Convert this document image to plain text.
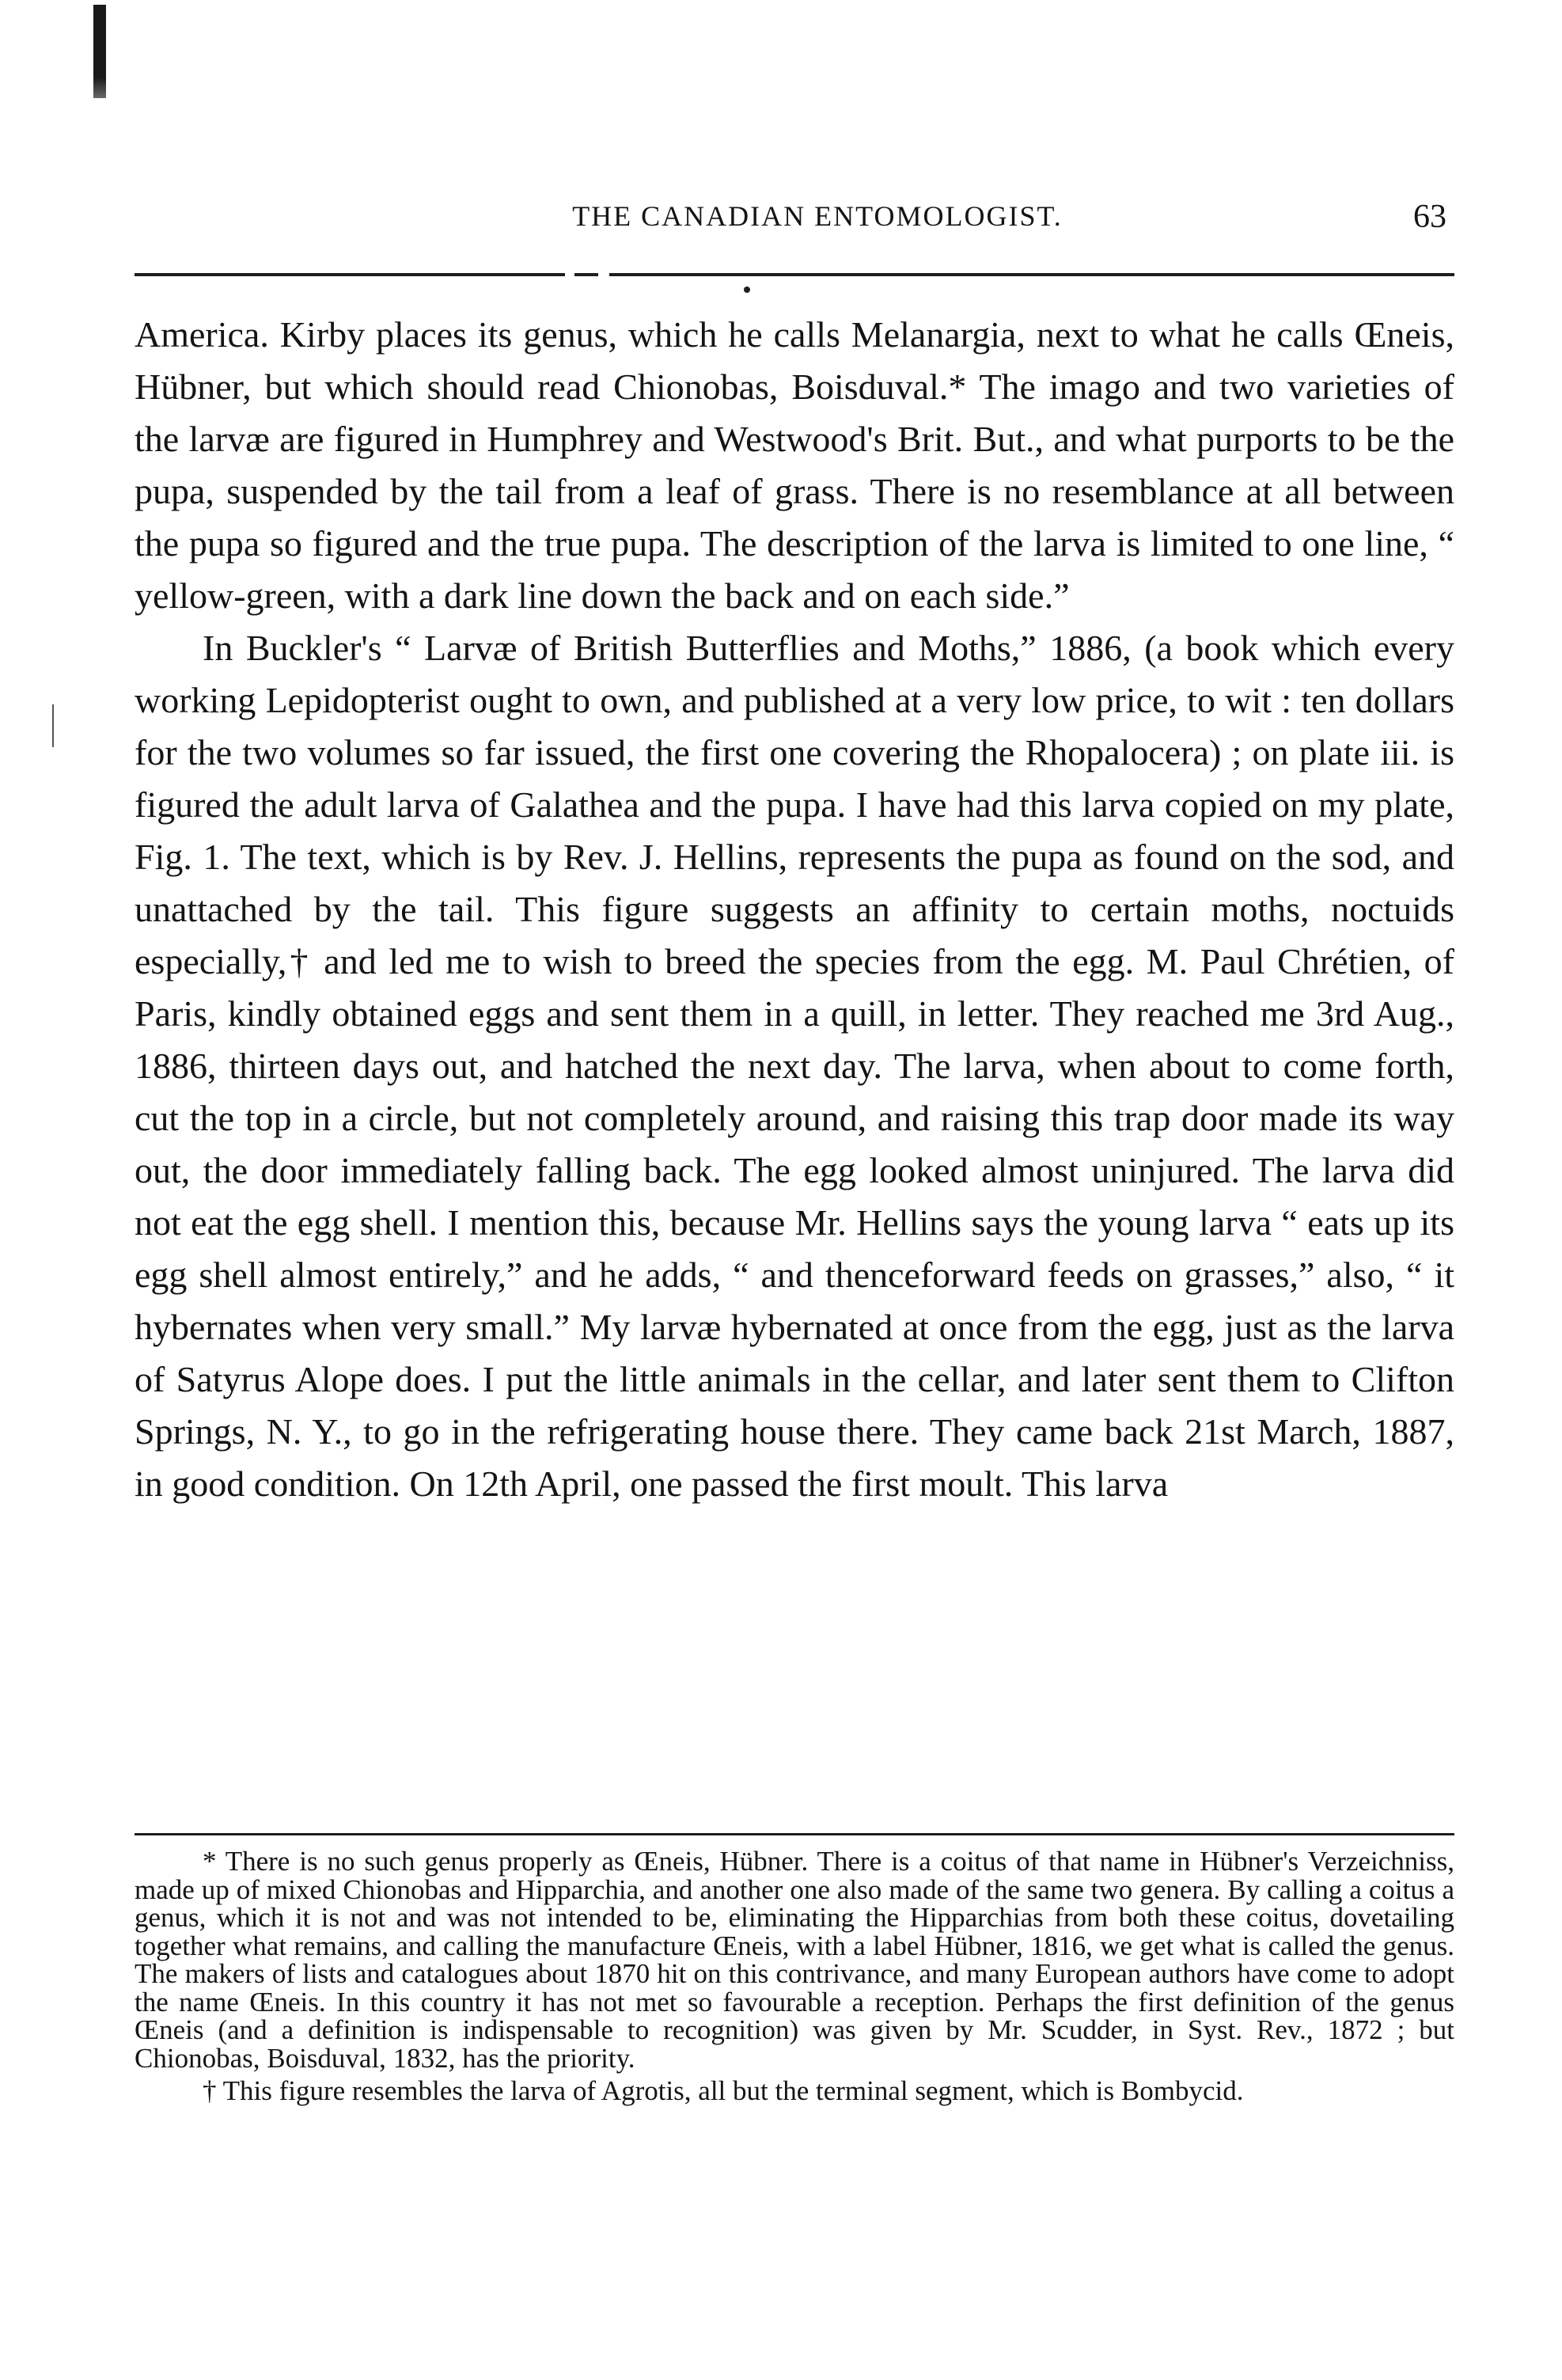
THE CANADIAN ENTOMOLOGIST.	63

America. Kirby places its genus, which he calls Melanargia, next to what he calls Œneis, Hübner, but which should read Chionobas, Boisduval.* The imago and two varieties of the larvæ are figured in Humphrey and Westwood's Brit. But., and what purports to be the pupa, suspended by the tail from a leaf of grass. There is no resemblance at all between the pupa so figured and the true pupa. The description of the larva is limited to one line, “ yellow-green, with a dark line down the back and on each side.”

In Buckler's “ Larvæ of British Butterflies and Moths,” 1886, (a book which every working Lepidopterist ought to own, and published at a very low price, to wit : ten dollars for the two volumes so far issued, the first one covering the Rhopalocera) ; on plate iii. is figured the adult larva of Galathea and the pupa. I have had this larva copied on my plate, Fig. 1. The text, which is by Rev. J. Hellins, represents the pupa as found on the sod, and unattached by the tail. This figure suggests an affinity to certain moths, noctuids especially,† and led me to wish to breed the species from the egg. M. Paul Chrétien, of Paris, kindly obtained eggs and sent them in a quill, in letter. They reached me 3rd Aug., 1886, thirteen days out, and hatched the next day. The larva, when about to come forth, cut the top in a circle, but not completely around, and raising this trap door made its way out, the door immediately falling back. The egg looked almost uninjured. The larva did not eat the egg shell. I mention this, because Mr. Hellins says the young larva “ eats up its egg shell almost entirely,” and he adds, “ and thenceforward feeds on grasses,” also, “ it hybernates when very small.” My larvæ hybernated at once from the egg, just as the larva of Satyrus Alope does. I put the little animals in the cellar, and later sent them to Clifton Springs, N. Y., to go in the refrigerating house there. They came back 21st March, 1887, in good condition. On 12th April, one passed the first moult. This larva

* There is no such genus properly as Œneis, Hübner. There is a coitus of that name in Hübner's Verzeichniss, made up of mixed Chionobas and Hipparchia, and another one also made of the same two genera. By calling a coitus a genus, which it is not and was not intended to be, eliminating the Hipparchias from both these coitus, dovetailing together what remains, and calling the manufacture Œneis, with a label Hübner, 1816, we get what is called the genus. The makers of lists and catalogues about 1870 hit on this contrivance, and many European authors have come to adopt the name Œneis. In this country it has not met so favourable a reception. Perhaps the first definition of the genus Œneis (and a definition is indispensable to recognition) was given by Mr. Scudder, in Syst. Rev., 1872 ; but Chionobas, Boisduval, 1832, has the priority.

† This figure resembles the larva of Agrotis, all but the terminal segment, which is Bombycid.
